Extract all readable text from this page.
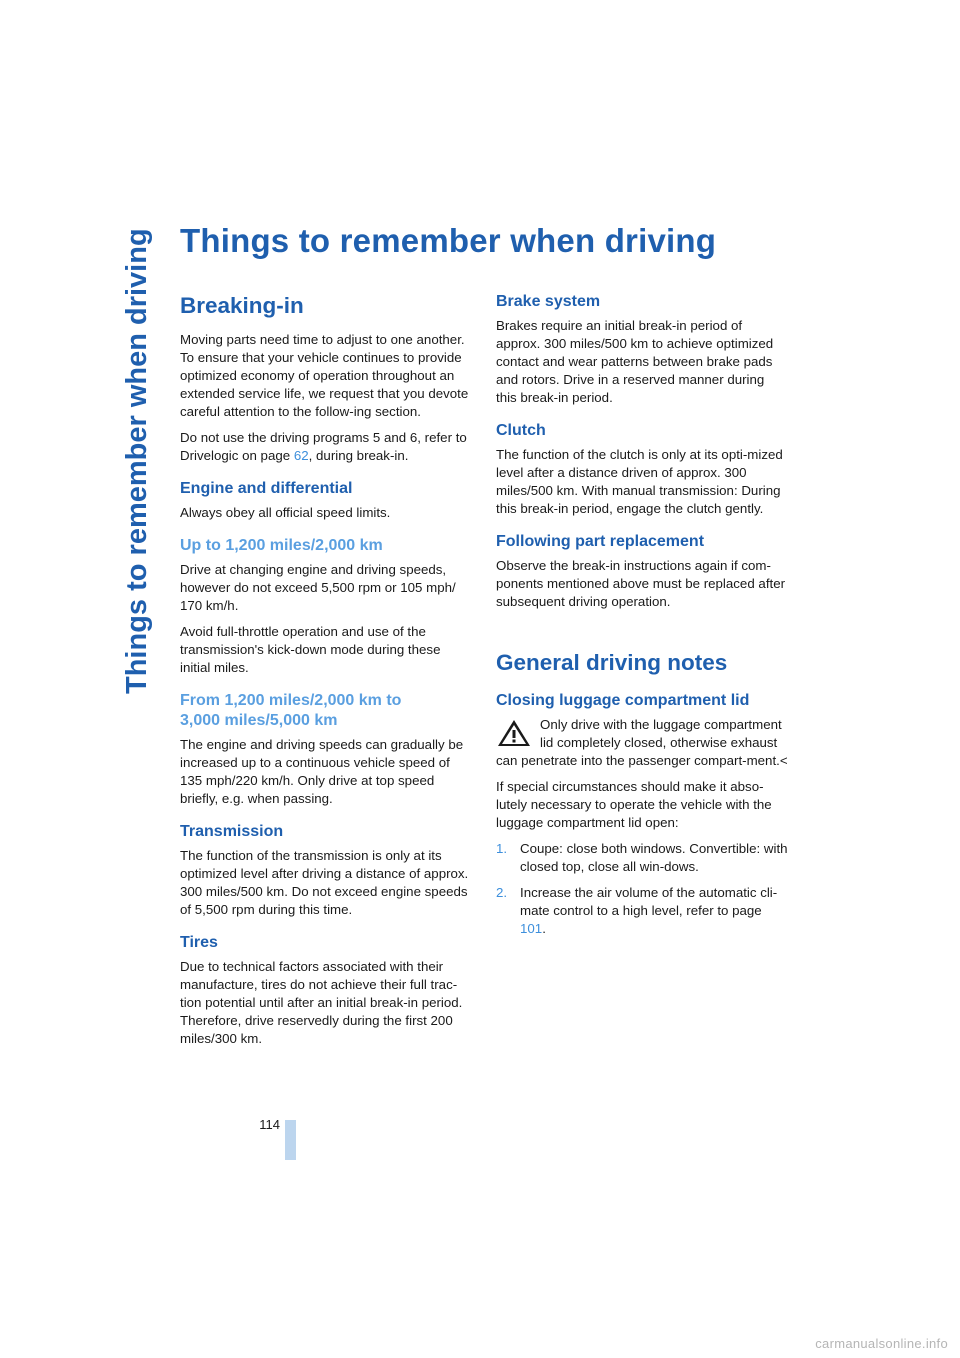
Things to remember when driving Things to remember when driving
Breaking-in

Moving parts need time to adjust to one another. To ensure that your vehicle continues to provide optimized economy of operation throughout an extended service life, we request that you devote careful attention to the follow-ing section.

Do not use the driving programs 5 and 6, refer to Drivelogic on page 62, during break-in.

Engine and differential

Always obey all official speed limits.

Up to 1,200 miles/2,000 km

Drive at changing engine and driving speeds, however do not exceed 5,500 rpm or 105 mph/ 170 km/h.

Avoid full-throttle operation and use of the transmission's kick-down mode during these initial miles.

From 1,200 miles/2,000 km to
3,000 miles/5,000 km

The engine and driving speeds can gradually be increased up to a continuous vehicle speed of 135 mph/220 km/h. Only drive at top speed briefly, e.g. when passing.

Transmission

The function of the transmission is only at its optimized level after driving a distance of approx. 300 miles/500 km. Do not exceed engine speeds of 5,500 rpm during this time.

Tires

Due to technical factors associated with their manufacture, tires do not achieve their full trac-tion potential until after an initial break-in period. Therefore, drive reservedly during the first 200 miles/300 km.

Brake system

Brakes require an initial break-in period of approx. 300 miles/500 km to achieve optimized contact and wear patterns between brake pads and rotors. Drive in a reserved manner during this break-in period.

Clutch

The function of the clutch is only at its opti-mized level after a distance driven of approx. 300 miles/500 km. With manual transmission: During this break-in period, engage the clutch gently.

Following part replacement

Observe the break-in instructions again if com-ponents mentioned above must be replaced after subsequent driving operation.

General driving notes
Closing luggage compartment lid

Only drive with the luggage compartment lid completely closed, otherwise exhaust can penetrate into the passenger compart-ment.<

If special circumstances should make it abso-lutely necessary to operate the vehicle with the luggage compartment lid open:

1. Coupe: close both windows. Convertible: with closed top, close all win-dows.
2. Increase the air volume of the automatic cli-mate control to a high level, refer to page 101.
114
carmanualsonline.info
